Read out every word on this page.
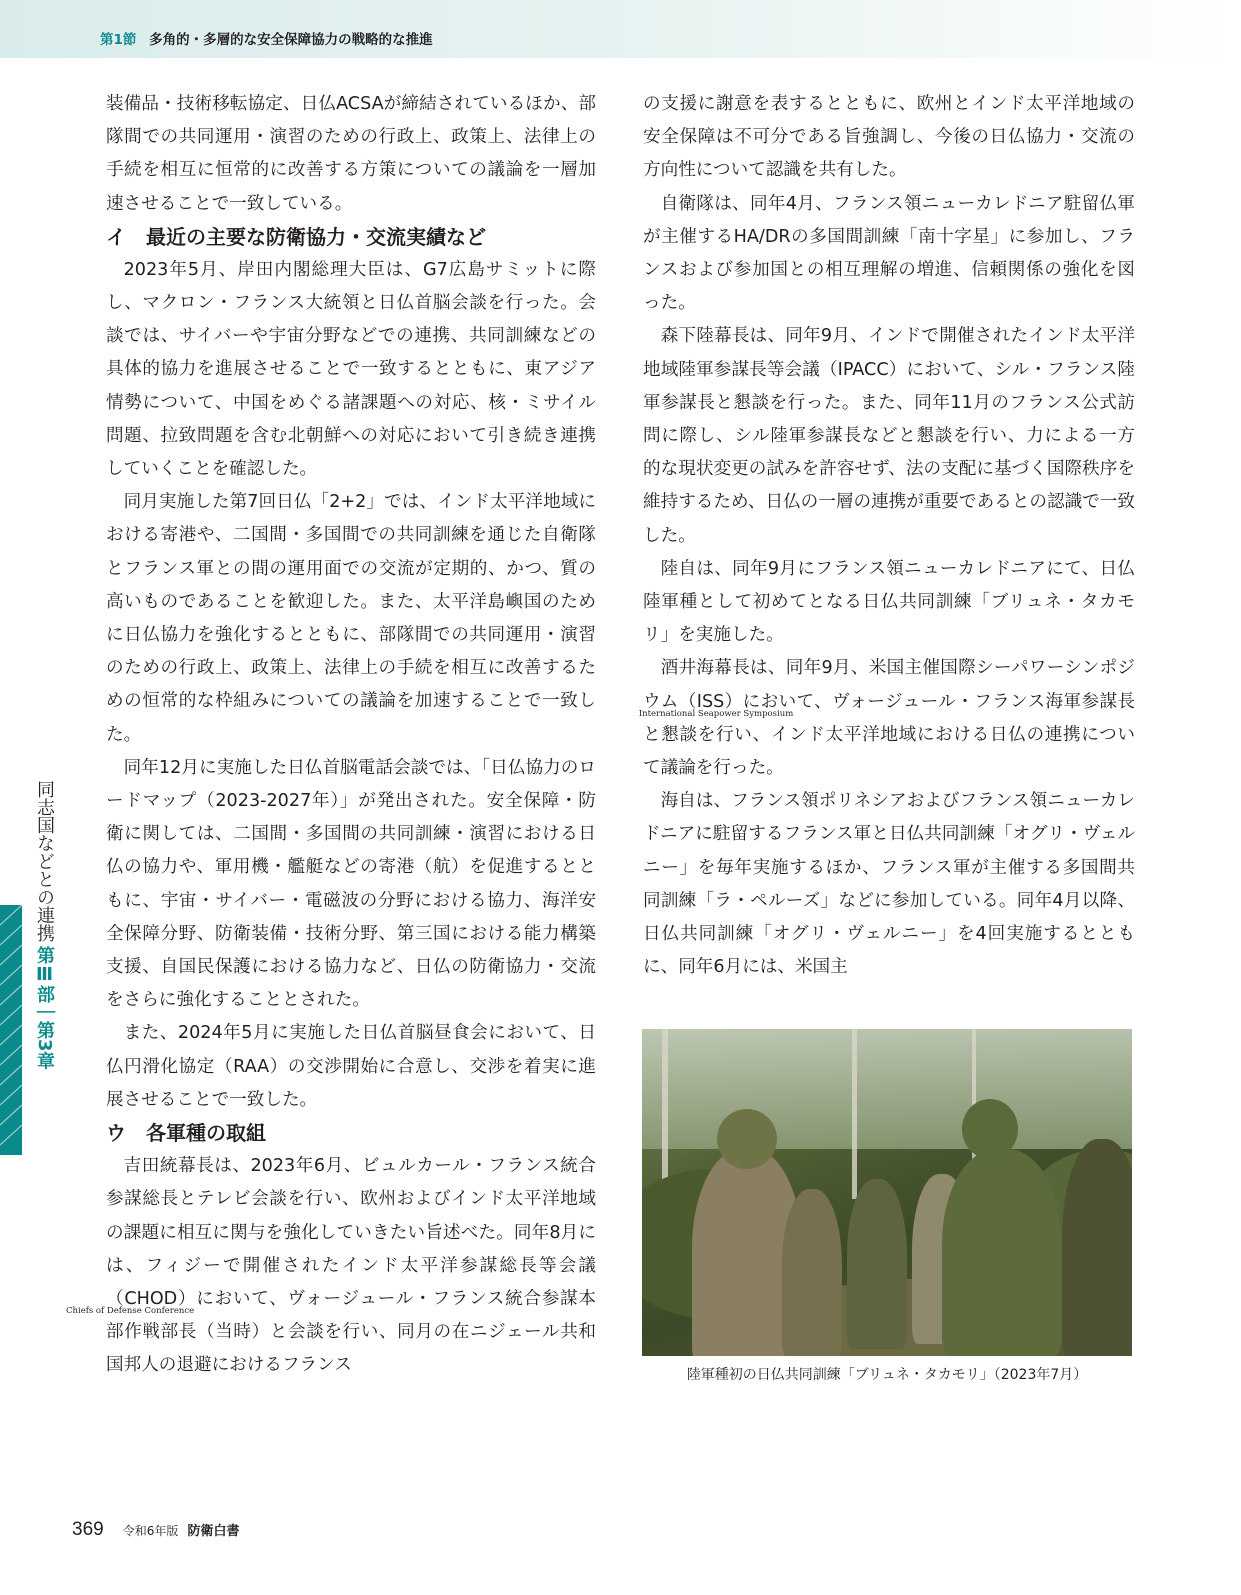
第1節 多角的・多層的な安全保障協力の戦略的な推進

装備品・技術移転協定、日仏ACSAが締結されているほか、部隊間での共同運用・演習のための行政上、政策上、法律上の手続を相互に恒常的に改善する方策についての議論を一層加速させることで一致している。

イ　最近の主要な防衛協力・交流実績など

2023年5月、岸田内閣総理大臣は、G7広島サミットに際し、マクロン・フランス大統領と日仏首脳会談を行った。会談では、サイバーや宇宙分野などでの連携、共同訓練などの具体的協力を進展させることで一致するとともに、東アジア情勢について、中国をめぐる諸課題への対応、核・ミサイル問題、拉致問題を含む北朝鮮への対応において引き続き連携していくことを確認した。

同月実施した第7回日仏「2+2」では、インド太平洋地域における寄港や、二国間・多国間での共同訓練を通じた自衛隊とフランス軍との間の運用面での交流が定期的、かつ、質の高いものであることを歓迎した。また、太平洋島嶼国のために日仏協力を強化するとともに、部隊間での共同運用・演習のための行政上、政策上、法律上の手続を相互に改善するための恒常的な枠組みについての議論を加速することで一致した。

同年12月に実施した日仏首脳電話会談では、「日仏協力のロードマップ（2023-2027年）」が発出された。安全保障・防衛に関しては、二国間・多国間の共同訓練・演習における日仏の協力や、軍用機・艦艇などの寄港（航）を促進するとともに、宇宙・サイバー・電磁波の分野における協力、海洋安全保障分野、防衛装備・技術分野、第三国における能力構築支援、自国民保護における協力など、日仏の防衛協力・交流をさらに強化することとされた。

また、2024年5月に実施した日仏首脳昼食会において、日仏円滑化協定（RAA）の交渉開始に合意し、交渉を着実に進展させることで一致した。

ウ　各軍種の取組

吉田統幕長は、2023年6月、ビュルカール・フランス統合参謀総長とテレビ会談を行い、欧州およびインド太平洋地域の課題に相互に関与を強化していきたい旨述べた。同年8月には、フィジーで開催されたインド太平洋参謀総長等会議（CHOD）
Chiefs of Defense Conference
において、ヴォージュール・フランス統合参謀本部作戦部長（当時）と会談を行い、同月の在ニジェール共和国邦人の退避におけるフランス

の支援に謝意を表するとともに、欧州とインド太平洋地域の安全保障は不可分である旨強調し、今後の日仏協力・交流の方向性について認識を共有した。

自衛隊は、同年4月、フランス領ニューカレドニア駐留仏軍が主催するHA/DRの多国間訓練「南十字星」に参加し、フランスおよび参加国との相互理解の増進、信頼関係の強化を図った。

森下陸幕長は、同年9月、インドで開催されたインド太平洋地域陸軍参謀長等会議（IPACC）において、シル・フランス陸軍参謀長と懇談を行った。また、同年11月のフランス公式訪問に際し、シル陸軍参謀長などと懇談を行い、力による一方的な現状変更の試みを許容せず、法の支配に基づく国際秩序を維持するため、日仏の一層の連携が重要であるとの認識で一致した。

陸自は、同年9月にフランス領ニューカレドニアにて、日仏陸軍種として初めてとなる日仏共同訓練「ブリュネ・タカモリ」を実施した。

酒井海幕長は、同年9月、米国主催国際シーパワーシンポジウム（ISS）
International Seapower Symposium
において、ヴォージュール・フランス海軍参謀長と懇談を行い、インド太平洋地域における日仏の連携について議論を行った。

海自は、フランス領ポリネシアおよびフランス領ニューカレドニアに駐留するフランス軍と日仏共同訓練「オグリ・ヴェルニー」を毎年実施するほか、フランス軍が主催する多国間共同訓練「ラ・ペルーズ」などに参加している。同年4月以降、日仏共同訓練「オグリ・ヴェルニー」を4回実施するとともに、同年6月には、米国主

陸軍種初の日仏共同訓練「ブリュネ・タカモリ」（2023年7月）
同志国などとの連携
第Ⅲ部｜第3章
369 令和6年版 防衛白書
